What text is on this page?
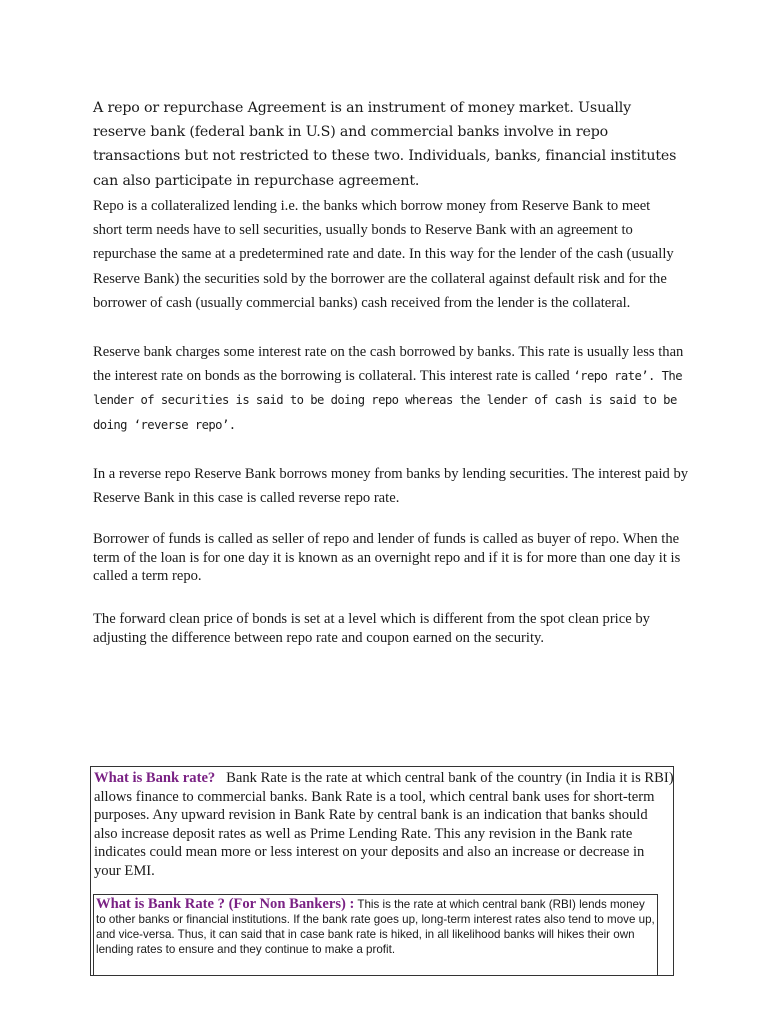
A repo or repurchase Agreement is an instrument of money market. Usually reserve bank (federal bank in U.S) and commercial banks involve in repo transactions but not restricted to these two. Individuals, banks, financial institutes can also participate in repurchase agreement.

Repo is a collateralized lending i.e. the banks which borrow money from Reserve Bank to meet short term needs have to sell securities, usually bonds to Reserve Bank with an agreement to repurchase the same at a predetermined rate and date. In this way for the lender of the cash (usually Reserve Bank) the securities sold by the borrower are the collateral against default risk and for the borrower of cash (usually commercial banks) cash received from the lender is the collateral.

Reserve bank charges some interest rate on the cash borrowed by banks. This rate is usually less than the interest rate on bonds as the borrowing is collateral. This interest rate is called ‘repo rate’. The lender of securities is said to be doing repo whereas the lender of cash is said to be doing ‘reverse repo’.

In a reverse repo Reserve Bank borrows money from banks by lending securities. The interest paid by Reserve Bank in this case is called reverse repo rate.

Borrower of funds is called as seller of repo and lender of funds is called as buyer of repo. When the term of the loan is for one day it is known as an overnight repo and if it is for more than one day it is called a term repo.

The forward clean price of bonds is set at a level which is different from the spot clean price by adjusting the difference between repo rate and coupon earned on the security.

What is Bank rate? Bank Rate is the rate at which central bank of the country (in India it is RBI) allows finance to commercial banks. Bank Rate is a tool, which central bank uses for short-term purposes. Any upward revision in Bank Rate by central bank is an indication that banks should also increase deposit rates as well as Prime Lending Rate. This any revision in the Bank rate indicates could mean more or less interest on your deposits and also an increase or decrease in your EMI.

What is Bank Rate ? (For Non Bankers) : This is the rate at which central bank (RBI) lends money to other banks or financial institutions. If the bank rate goes up, long-term interest rates also tend to move up, and vice-versa. Thus, it can said that in case bank rate is hiked, in all likelihood banks will hikes their own lending rates to ensure and they continue to make a profit.
